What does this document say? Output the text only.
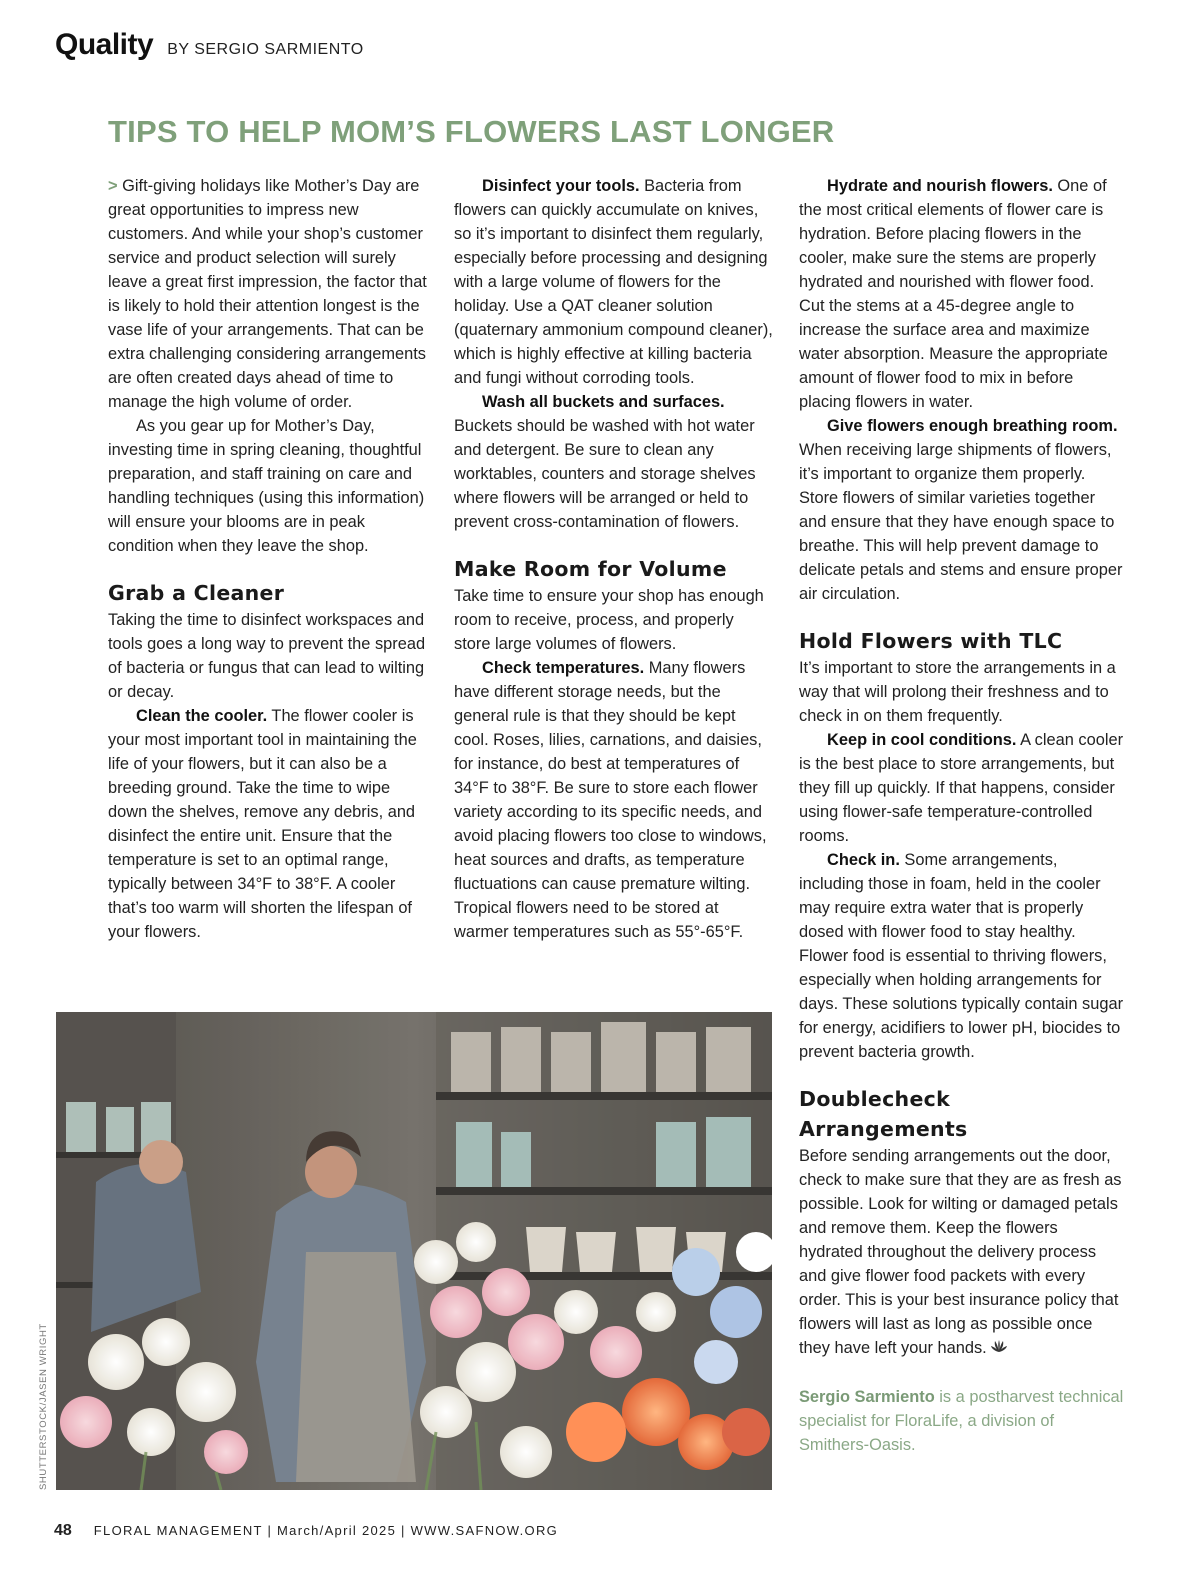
Quality BY SERGIO SARMIENTO
TIPS TO HELP MOM’S FLOWERS LAST LONGER

> Gift-giving holidays like Mother’s Day are great opportunities to impress new customers. And while your shop’s customer service and product selection will surely leave a great first impression, the factor that is likely to hold their attention longest is the vase life of your arrangements. That can be extra challenging considering arrangements are often created days ahead of time to manage the high volume of order.

As you gear up for Mother’s Day, investing time in spring cleaning, thoughtful preparation, and staff training on care and handling techniques (using this information) will ensure your blooms are in peak condition when they leave the shop.

Grab a Cleaner

Taking the time to disinfect workspaces and tools goes a long way to prevent the spread of bacteria or fungus that can lead to wilting or decay.

Clean the cooler. The flower cooler is your most important tool in maintaining the life of your flowers, but it can also be a breeding ground. Take the time to wipe down the shelves, remove any debris, and disinfect the entire unit. Ensure that the temperature is set to an optimal range, typically between 34°F to 38°F. A cooler that’s too warm will shorten the lifespan of your flowers.

Disinfect your tools. Bacteria from flowers can quickly accumulate on knives, so it’s important to disinfect them regularly, especially before processing and designing with a large volume of flowers for the holiday. Use a QAT cleaner solution (quaternary ammonium compound cleaner), which is highly effective at killing bacteria and fungi without corroding tools.

Wash all buckets and surfaces. Buckets should be washed with hot water and detergent. Be sure to clean any worktables, counters and storage shelves where flowers will be arranged or held to prevent cross-contamination of flowers.

Make Room for Volume

Take time to ensure your shop has enough room to receive, process, and properly store large volumes of flowers.

Check temperatures. Many flowers have different storage needs, but the general rule is that they should be kept cool. Roses, lilies, carnations, and daisies, for instance, do best at temperatures of 34°F to 38°F. Be sure to store each flower variety according to its specific needs, and avoid placing flowers too close to windows, heat sources and drafts, as temperature fluctuations can cause premature wilting. Tropical flowers need to be stored at warmer temperatures such as 55°-65°F.

Hydrate and nourish flowers. One of the most critical elements of flower care is hydration. Before placing flowers in the cooler, make sure the stems are properly hydrated and nourished with flower food. Cut the stems at a 45-degree angle to increase the surface area and maximize water absorption. Measure the appropriate amount of flower food to mix in before placing flowers in water.

Give flowers enough breathing room. When receiving large shipments of flowers, it’s important to organize them properly. Store flowers of similar varieties together and ensure that they have enough space to breathe. This will help prevent damage to delicate petals and stems and ensure proper air circulation.

Hold Flowers with TLC

It’s important to store the arrangements in a way that will prolong their freshness and to check in on them frequently.

Keep in cool conditions. A clean cooler is the best place to store arrangements, but they fill up quickly. If that happens, consider using flower-safe temperature-controlled rooms.

Check in. Some arrangements, including those in foam, held in the cooler may require extra water that is properly dosed with flower food to stay healthy. Flower food is essential to thriving flowers, especially when holding arrangements for days. These solutions typically contain sugar for energy, acidifiers to lower pH, biocides to prevent bacteria growth.

Doublecheck Arrangements

Before sending arrangements out the door, check to make sure that they are as fresh as possible. Look for wilting or damaged petals and remove them. Keep the flowers hydrated throughout the delivery process and give flower food packets with every order. This is your best insurance policy that flowers will last as long as possible once they have left your hands.

Sergio Sarmiento is a postharvest technical specialist for FloraLife, a division of Smithers-Oasis.

SHUTTERSTOCK/JASEN WRIGHT
48 FLORAL MANAGEMENT | March/April 2025 | WWW.SAFNOW.ORG
